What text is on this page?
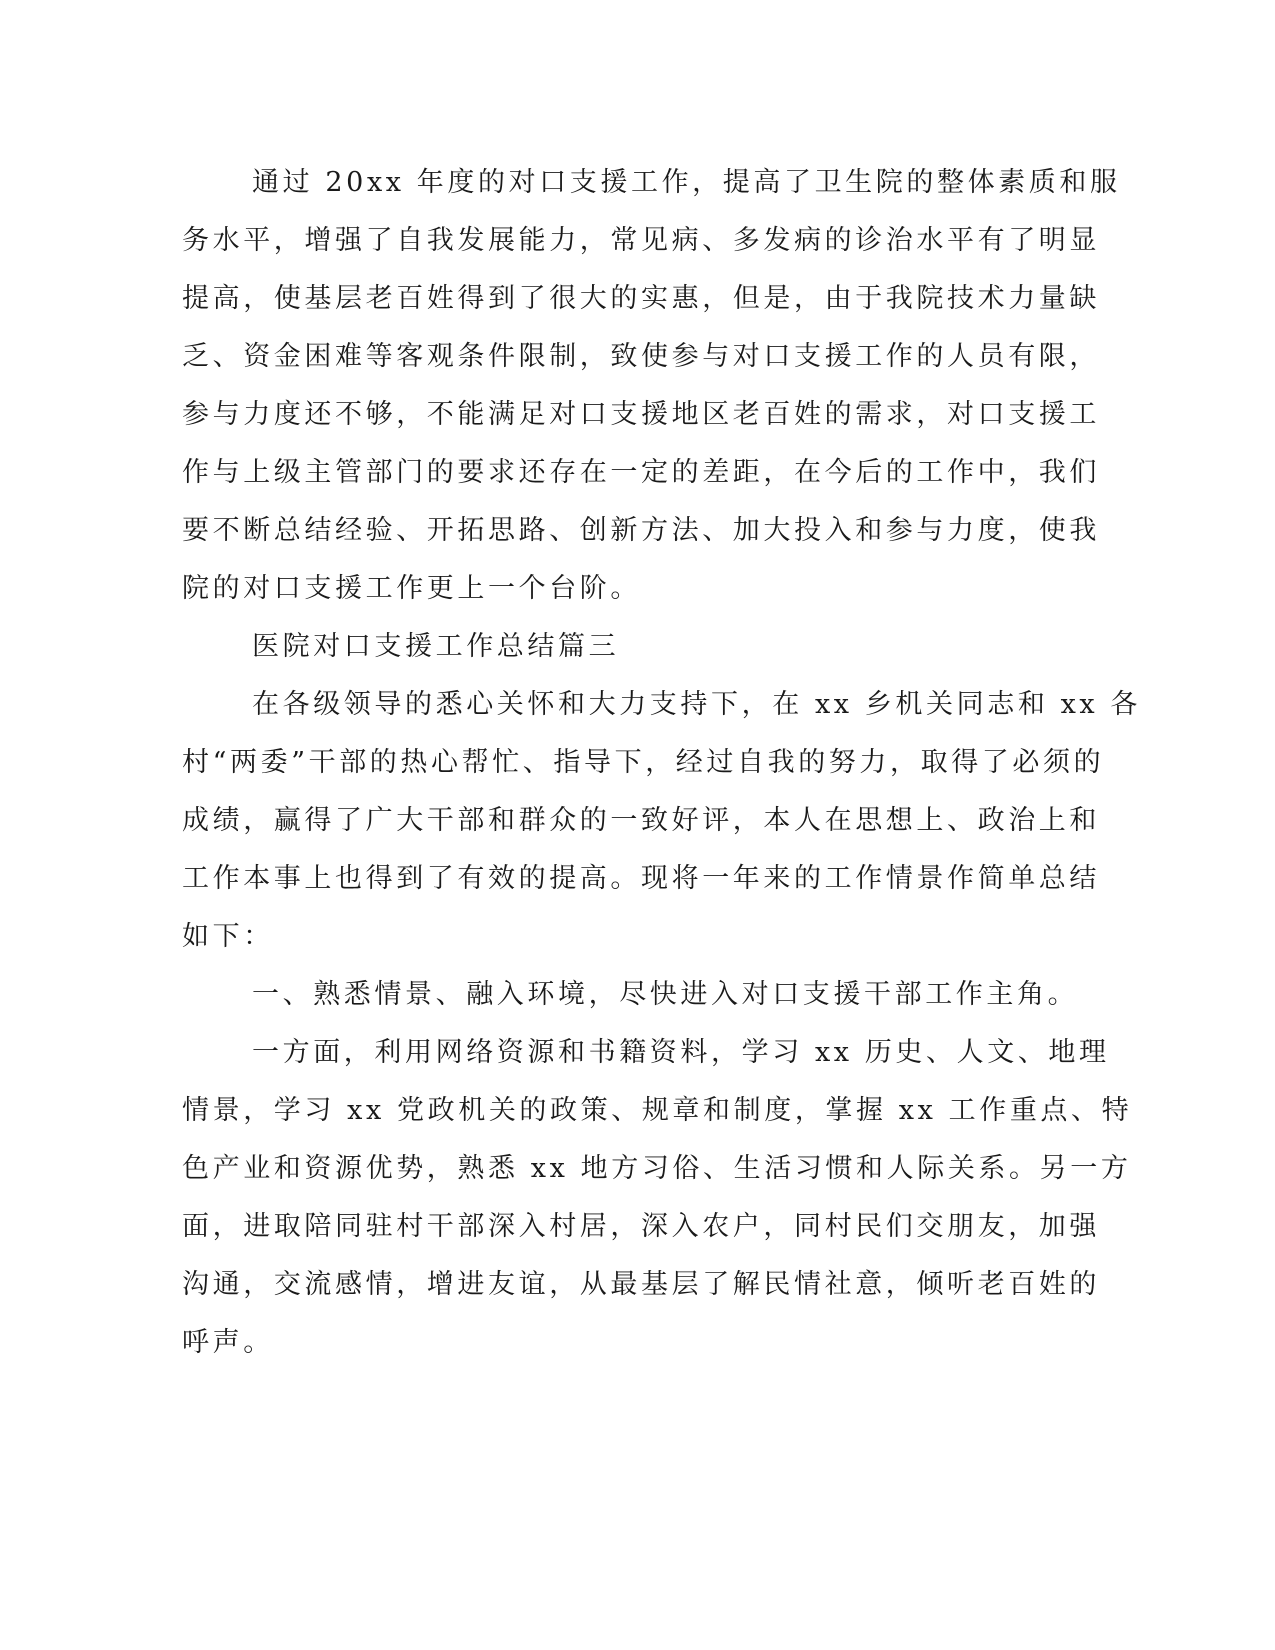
通过 20xx 年度的对口支援工作，提高了卫生院的整体素质和服
务水平，增强了自我发展能力，常见病、多发病的诊治水平有了明显
提高，使基层老百姓得到了很大的实惠，但是，由于我院技术力量缺
乏、资金困难等客观条件限制，致使参与对口支援工作的人员有限，
参与力度还不够，不能满足对口支援地区老百姓的需求，对口支援工
作与上级主管部门的要求还存在一定的差距，在今后的工作中，我们
要不断总结经验、开拓思路、创新方法、加大投入和参与力度，使我
院的对口支援工作更上一个台阶。
医院对口支援工作总结篇三
在各级领导的悉心关怀和大力支持下，在 xx 乡机关同志和 xx 各
村“两委”干部的热心帮忙、指导下，经过自我的努力，取得了必须的
成绩，赢得了广大干部和群众的一致好评，本人在思想上、政治上和
工作本事上也得到了有效的提高。现将一年来的工作情景作简单总结
如下：
一、熟悉情景、融入环境，尽快进入对口支援干部工作主角。
一方面，利用网络资源和书籍资料，学习 xx 历史、人文、地理
情景，学习 xx 党政机关的政策、规章和制度，掌握 xx 工作重点、特
色产业和资源优势，熟悉 xx 地方习俗、生活习惯和人际关系。另一方
面，进取陪同驻村干部深入村居，深入农户，同村民们交朋友，加强
沟通，交流感情，增进友谊，从最基层了解民情社意，倾听老百姓的
呼声。
